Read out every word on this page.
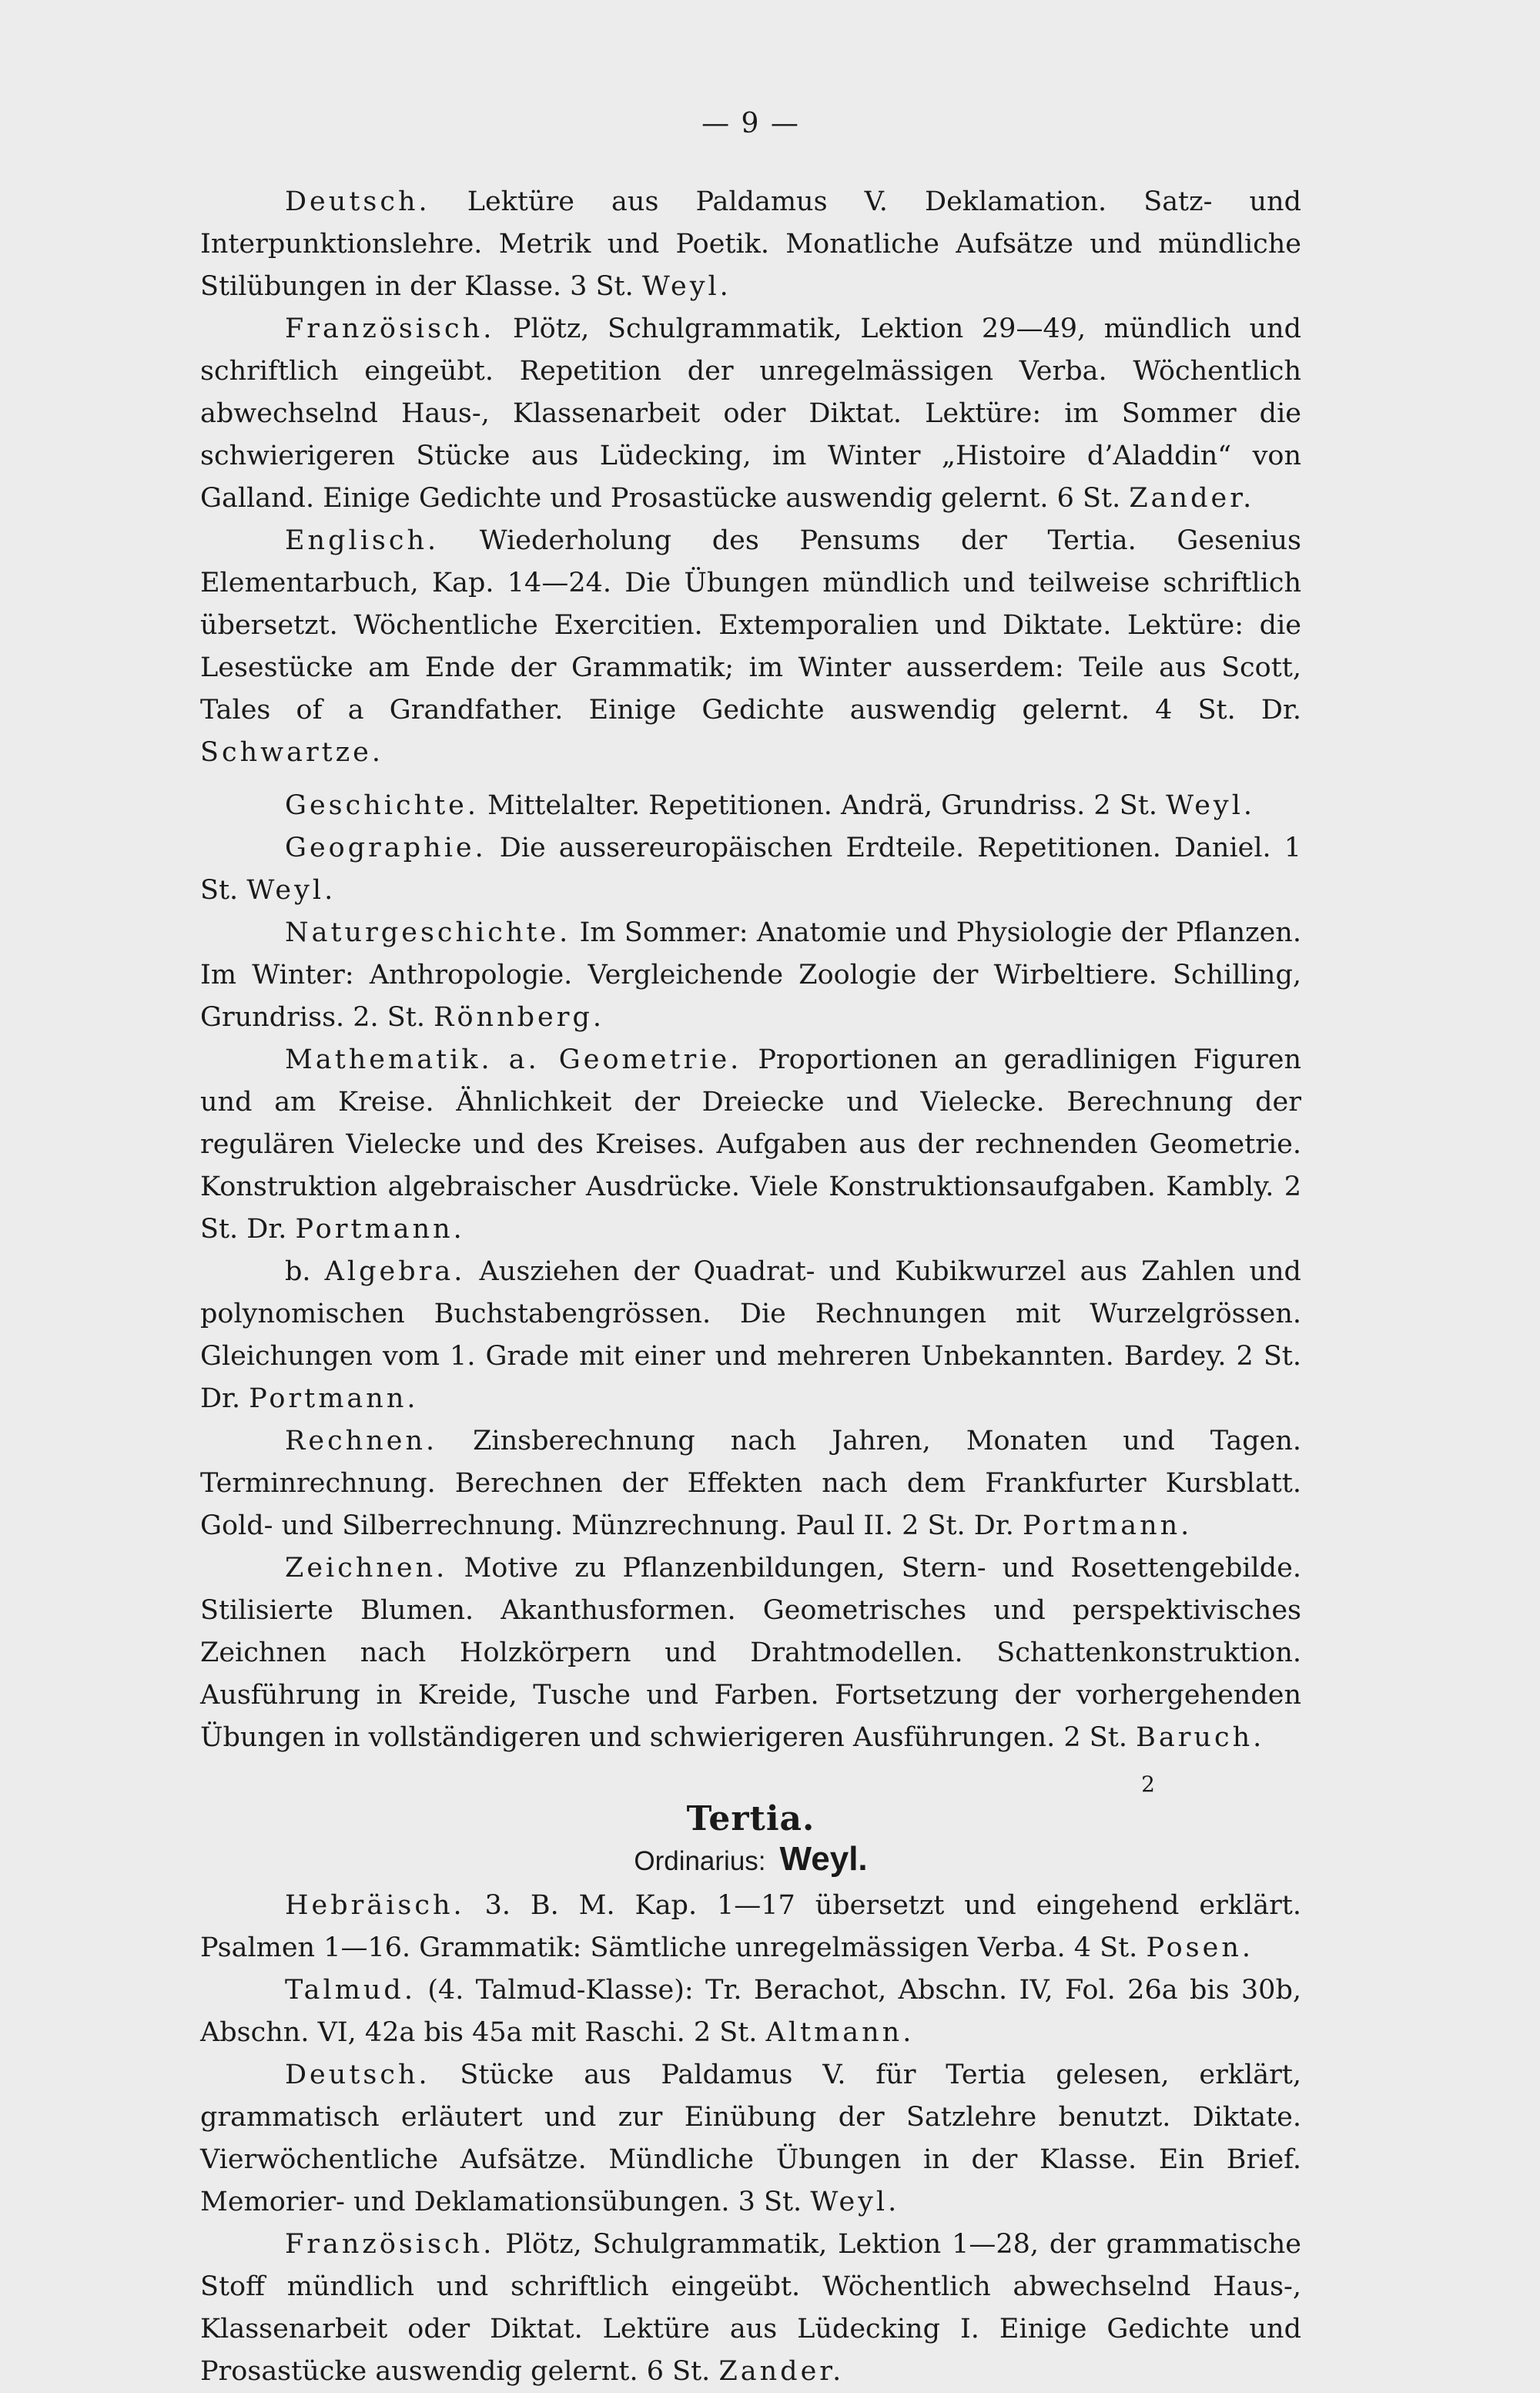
— 9 —

Deutsch. Lektüre aus Paldamus V. Deklamation. Satz- und Interpunktionslehre. Metrik und Poetik. Monatliche Aufsätze und mündliche Stilübungen in der Klasse. 3 St. Weyl.

Französisch. Plötz, Schulgrammatik, Lektion 29—49, mündlich und schriftlich eingeübt. Repetition der unregelmässigen Verba. Wöchentlich abwechselnd Haus-, Klassenarbeit oder Diktat. Lektüre: im Sommer die schwierigeren Stücke aus Lüdecking, im Winter „Histoire d’Aladdin“ von Galland. Einige Gedichte und Prosastücke auswendig gelernt. 6 St. Zander.

Englisch. Wiederholung des Pensums der Tertia. Gesenius Elementarbuch, Kap. 14—24. Die Übungen mündlich und teilweise schriftlich übersetzt. Wöchentliche Exercitien. Extemporalien und Diktate. Lektüre: die Lesestücke am Ende der Grammatik; im Winter ausserdem: Teile aus Scott, Tales of a Grandfather. Einige Gedichte auswendig gelernt. 4 St. Dr. Schwartze.

Geschichte. Mittelalter. Repetitionen. Andrä, Grundriss. 2 St. Weyl.

Geographie. Die aussereuropäischen Erdteile. Repetitionen. Daniel. 1 St. Weyl.

Naturgeschichte. Im Sommer: Anatomie und Physiologie der Pflanzen. Im Winter: Anthropologie. Vergleichende Zoologie der Wirbeltiere. Schilling, Grundriss. 2. St. Rönnberg.

Mathematik. a. Geometrie. Proportionen an geradlinigen Figuren und am Kreise. Ähnlichkeit der Dreiecke und Vielecke. Berechnung der regulären Vielecke und des Kreises. Aufgaben aus der rechnenden Geometrie. Konstruktion algebraischer Ausdrücke. Viele Konstruktionsaufgaben. Kambly. 2 St. Dr. Portmann.

b. Algebra. Ausziehen der Quadrat- und Kubikwurzel aus Zahlen und polynomischen Buchstabengrössen. Die Rechnungen mit Wurzelgrössen. Gleichungen vom 1. Grade mit einer und mehreren Unbekannten. Bardey. 2 St. Dr. Portmann.

Rechnen. Zinsberechnung nach Jahren, Monaten und Tagen. Terminrechnung. Berechnen der Effekten nach dem Frankfurter Kursblatt. Gold- und Silberrechnung. Münzrechnung. Paul II. 2 St. Dr. Portmann.

Zeichnen. Motive zu Pflanzenbildungen, Stern- und Rosettengebilde. Stilisierte Blumen. Akanthusformen. Geometrisches und perspektivisches Zeichnen nach Holzkörpern und Drahtmodellen. Schattenkonstruktion. Ausführung in Kreide, Tusche und Farben. Fortsetzung der vorhergehenden Übungen in vollständigeren und schwierigeren Ausführungen. 2 St. Baruch.

Tertia.
Ordinarius: Weyl.

Hebräisch. 3. B. M. Kap. 1—17 übersetzt und eingehend erklärt. Psalmen 1—16. Grammatik: Sämtliche unregelmässigen Verba. 4 St. Posen.

Talmud. (4. Talmud-Klasse): Tr. Berachot, Abschn. IV, Fol. 26a bis 30b, Abschn. VI, 42a bis 45a mit Raschi. 2 St. Altmann.

Deutsch. Stücke aus Paldamus V. für Tertia gelesen, erklärt, grammatisch erläutert und zur Einübung der Satzlehre benutzt. Diktate. Vierwöchentliche Aufsätze. Mündliche Übungen in der Klasse. Ein Brief. Memorier- und Deklamationsübungen. 3 St. Weyl.

Französisch. Plötz, Schulgrammatik, Lektion 1—28, der grammatische Stoff mündlich und schriftlich eingeübt. Wöchentlich abwechselnd Haus-, Klassenarbeit oder Diktat. Lektüre aus Lüdecking I. Einige Gedichte und Prosastücke auswendig gelernt. 6 St. Zander.

2
